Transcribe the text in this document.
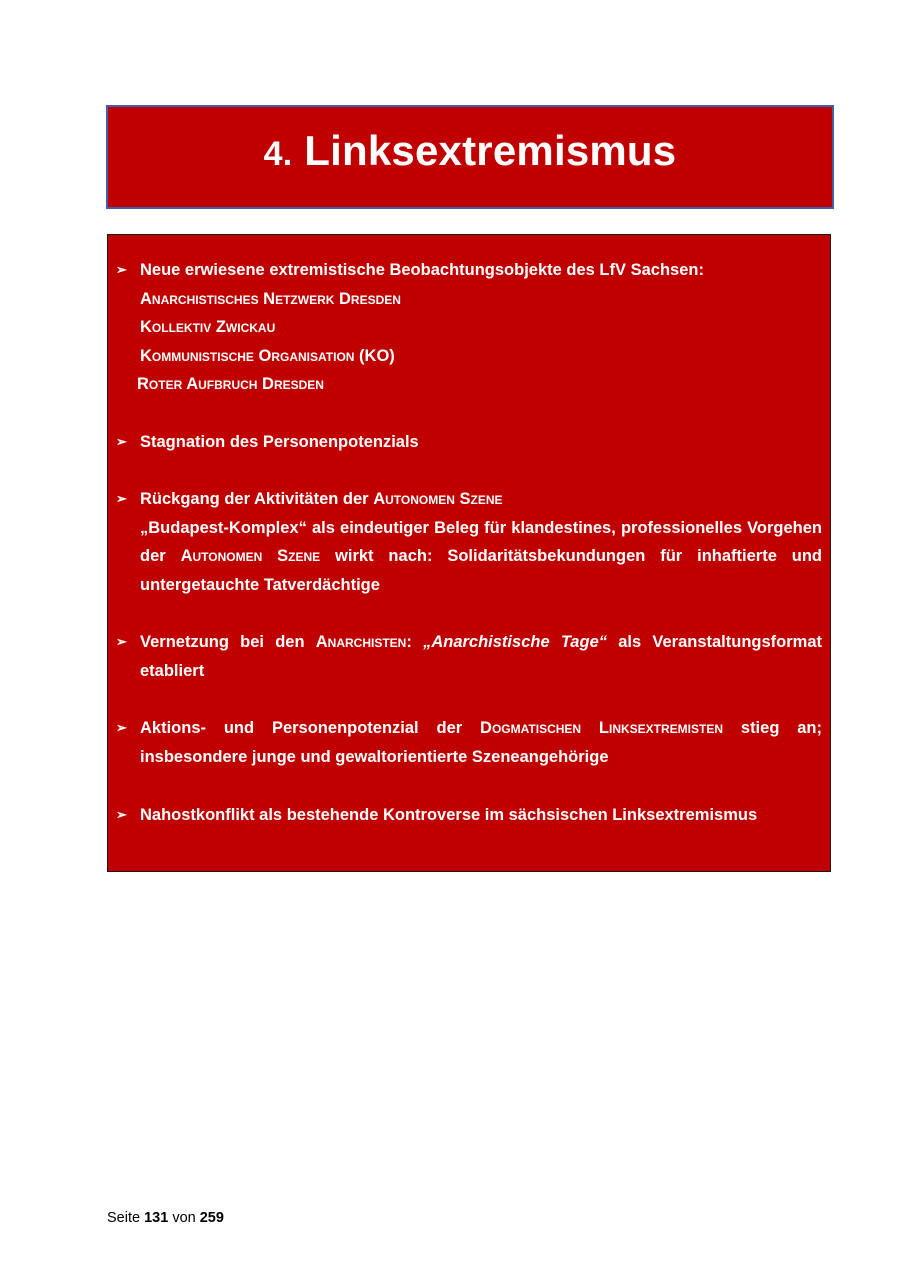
4. Linksextremismus
➢ Neue erwiesene extremistische Beobachtungsobjekte des LfV Sachsen:
Anarchistisches Netzwerk Dresden
Kollektiv Zwickau
Kommunistische Organisation (KO)
Roter Aufbruch Dresden
➢ Stagnation des Personenpotenzials
➢ Rückgang der Aktivitäten der Autonomen Szene
„Budapest-Komplex“ als eindeutiger Beleg für klandestines, professionelles Vorgehen der Autonomen Szene wirkt nach: Solidaritätsbekundungen für inhaftierte und untergetauchte Tatverdächtige
➢ Vernetzung bei den Anarchisten: „Anarchistische Tage“ als Veranstaltungsformat etabliert
➢ Aktions- und Personenpotenzial der Dogmatischen Linksextremisten stieg an; insbesondere junge und gewaltorientierte Szeneangehörige
➢ Nahostkonflikt als bestehende Kontroverse im sächsischen Linksextremismus
Seite 131 von 259
